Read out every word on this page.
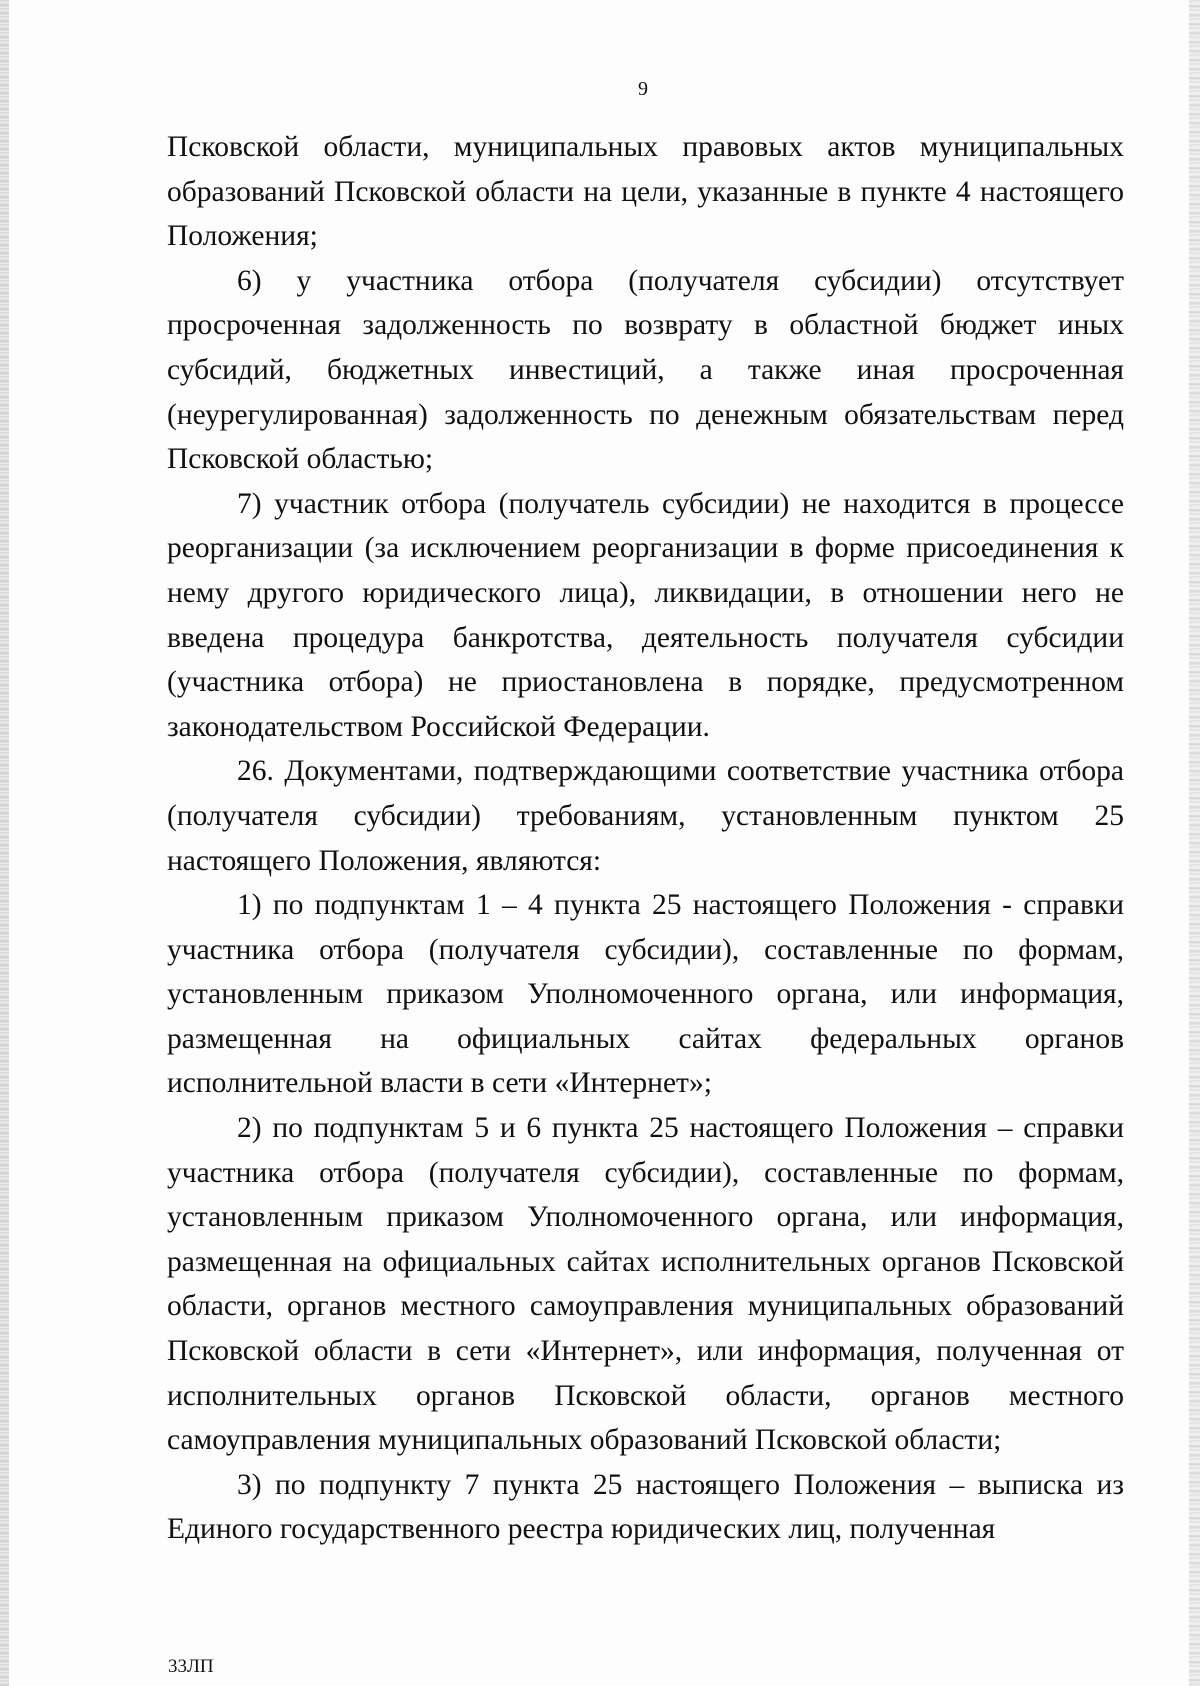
9

Псковской области, муниципальных правовых актов муниципальных образований Псковской области на цели, указанные в пункте 4 настоящего Положения;

6) у участника отбора (получателя субсидии) отсутствует просроченная задолженность по возврату в областной бюджет иных субсидий, бюджетных инвестиций, а также иная просроченная (неурегулированная) задолженность по денежным обязательствам перед Псковской областью;

7) участник отбора (получатель субсидии) не находится в процессе реорганизации (за исключением реорганизации в форме присоединения к нему другого юридического лица), ликвидации, в отношении него не введена процедура банкротства, деятельность получателя субсидии (участника отбора) не приостановлена в порядке, предусмотренном законодательством Российской Федерации.

26. Документами, подтверждающими соответствие участника отбора (получателя субсидии) требованиям, установленным пунктом 25 настоящего Положения, являются:

1) по подпунктам 1 – 4 пункта 25 настоящего Положения - справки участника отбора (получателя субсидии), составленные по формам, установленным приказом Уполномоченного органа, или информация, размещенная на официальных сайтах федеральных органов исполнительной власти в сети «Интернет»;

2) по подпунктам 5 и 6 пункта 25 настоящего Положения – справки участника отбора (получателя субсидии), составленные по формам, установленным приказом Уполномоченного органа, или информация, размещенная на официальных сайтах исполнительных органов Псковской области, органов местного самоуправления муниципальных образований Псковской области в сети «Интернет», или информация, полученная от исполнительных органов Псковской области, органов местного самоуправления муниципальных образований Псковской области;

3) по подпункту 7 пункта 25 настоящего Положения – выписка из Единого государственного реестра юридических лиц, полученная

33ЛП
